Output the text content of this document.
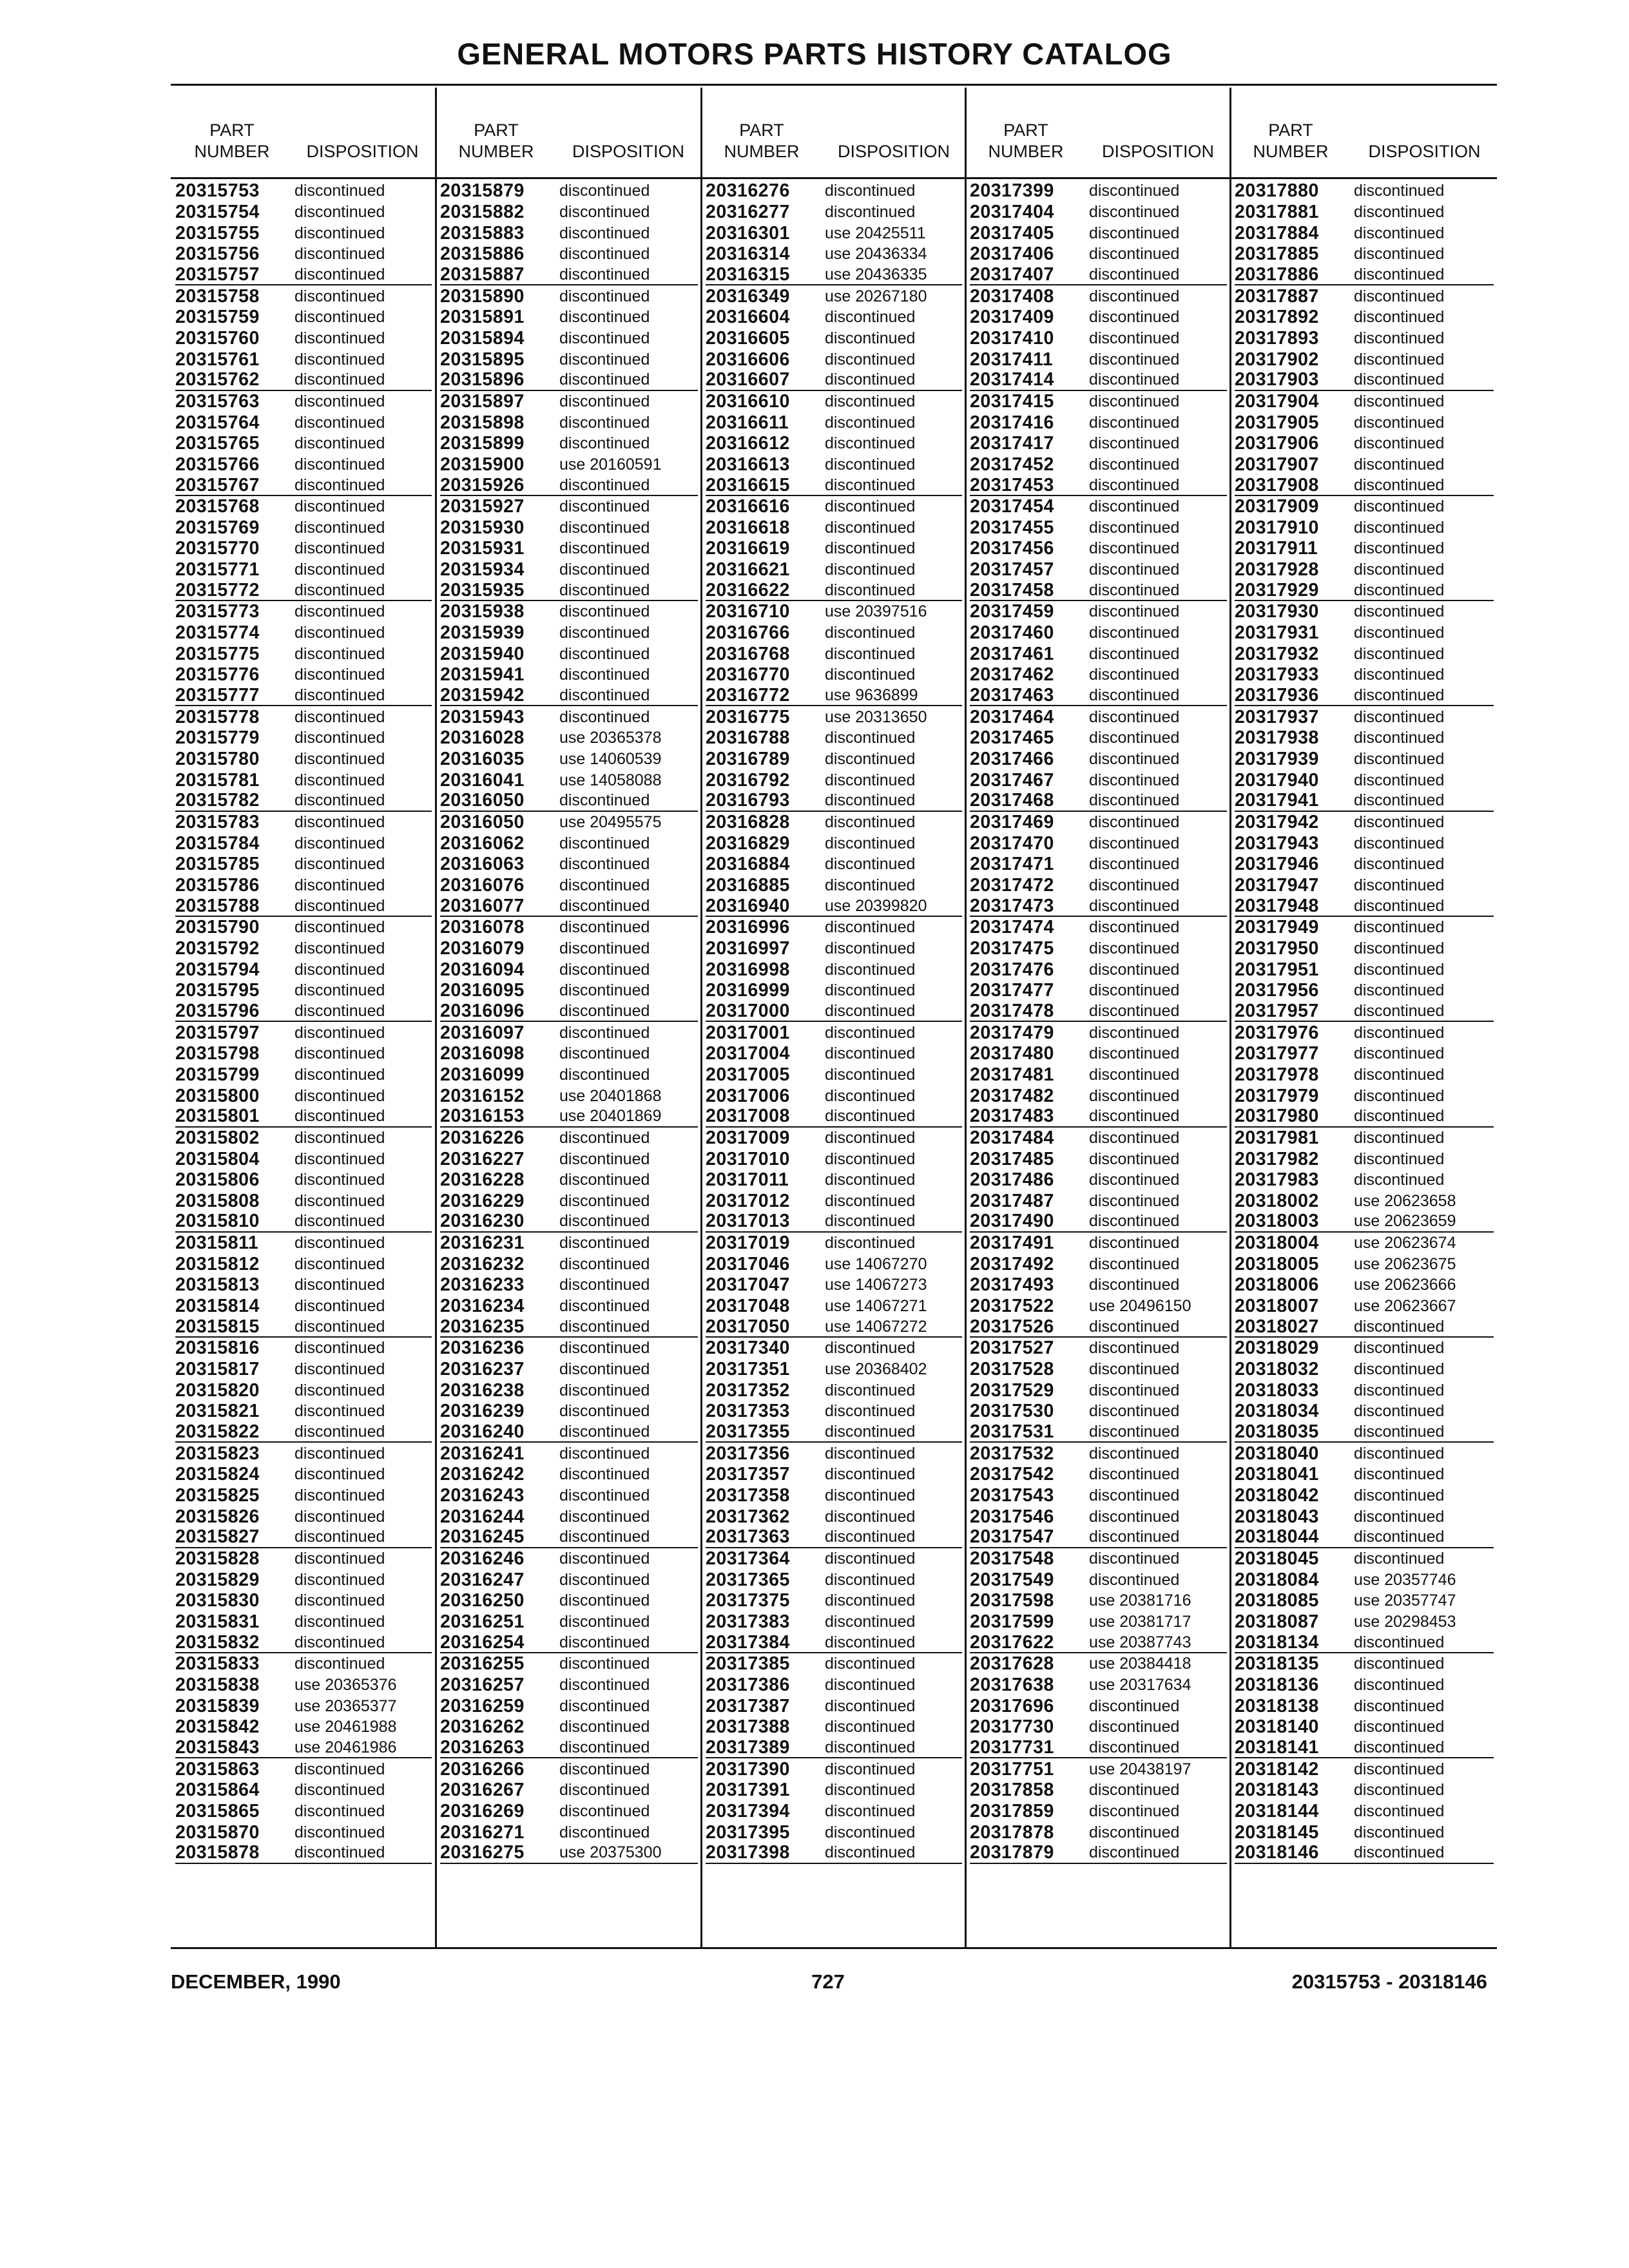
GENERAL MOTORS PARTS HISTORY CATALOG
PART
NUMBER	DISPOSITION
PART
NUMBER	DISPOSITION
PART
NUMBER	DISPOSITION
PART
NUMBER	DISPOSITION
PART
NUMBER	DISPOSITION
20315753	discontinued
20315754	discontinued
20315755	discontinued
20315756	discontinued
20315757	discontinued
20315758	discontinued
20315759	discontinued
20315760	discontinued
20315761	discontinued
20315762	discontinued
20315763	discontinued
20315764	discontinued
20315765	discontinued
20315766	discontinued
20315767	discontinued
20315768	discontinued
20315769	discontinued
20315770	discontinued
20315771	discontinued
20315772	discontinued
20315773	discontinued
20315774	discontinued
20315775	discontinued
20315776	discontinued
20315777	discontinued
20315778	discontinued
20315779	discontinued
20315780	discontinued
20315781	discontinued
20315782	discontinued
20315783	discontinued
20315784	discontinued
20315785	discontinued
20315786	discontinued
20315788	discontinued
20315790	discontinued
20315792	discontinued
20315794	discontinued
20315795	discontinued
20315796	discontinued
20315797	discontinued
20315798	discontinued
20315799	discontinued
20315800	discontinued
20315801	discontinued
20315802	discontinued
20315804	discontinued
20315806	discontinued
20315808	discontinued
20315810	discontinued
20315811	discontinued
20315812	discontinued
20315813	discontinued
20315814	discontinued
20315815	discontinued
20315816	discontinued
20315817	discontinued
20315820	discontinued
20315821	discontinued
20315822	discontinued
20315823	discontinued
20315824	discontinued
20315825	discontinued
20315826	discontinued
20315827	discontinued
20315828	discontinued
20315829	discontinued
20315830	discontinued
20315831	discontinued
20315832	discontinued
20315833	discontinued
20315838	use 20365376
20315839	use 20365377
20315842	use 20461988
20315843	use 20461986
20315863	discontinued
20315864	discontinued
20315865	discontinued
20315870	discontinued
20315878	discontinued
20315879	discontinued
20315882	discontinued
20315883	discontinued
20315886	discontinued
20315887	discontinued
20315890	discontinued
20315891	discontinued
20315894	discontinued
20315895	discontinued
20315896	discontinued
20315897	discontinued
20315898	discontinued
20315899	discontinued
20315900	use 20160591
20315926	discontinued
20315927	discontinued
20315930	discontinued
20315931	discontinued
20315934	discontinued
20315935	discontinued
20315938	discontinued
20315939	discontinued
20315940	discontinued
20315941	discontinued
20315942	discontinued
20315943	discontinued
20316028	use 20365378
20316035	use 14060539
20316041	use 14058088
20316050	discontinued
20316050	use 20495575
20316062	discontinued
20316063	discontinued
20316076	discontinued
20316077	discontinued
20316078	discontinued
20316079	discontinued
20316094	discontinued
20316095	discontinued
20316096	discontinued
20316097	discontinued
20316098	discontinued
20316099	discontinued
20316152	use 20401868
20316153	use 20401869
20316226	discontinued
20316227	discontinued
20316228	discontinued
20316229	discontinued
20316230	discontinued
20316231	discontinued
20316232	discontinued
20316233	discontinued
20316234	discontinued
20316235	discontinued
20316236	discontinued
20316237	discontinued
20316238	discontinued
20316239	discontinued
20316240	discontinued
20316241	discontinued
20316242	discontinued
20316243	discontinued
20316244	discontinued
20316245	discontinued
20316246	discontinued
20316247	discontinued
20316250	discontinued
20316251	discontinued
20316254	discontinued
20316255	discontinued
20316257	discontinued
20316259	discontinued
20316262	discontinued
20316263	discontinued
20316266	discontinued
20316267	discontinued
20316269	discontinued
20316271	discontinued
20316275	use 20375300
20316276	discontinued
20316277	discontinued
20316301	use 20425511
20316314	use 20436334
20316315	use 20436335
20316349	use 20267180
20316604	discontinued
20316605	discontinued
20316606	discontinued
20316607	discontinued
20316610	discontinued
20316611	discontinued
20316612	discontinued
20316613	discontinued
20316615	discontinued
20316616	discontinued
20316618	discontinued
20316619	discontinued
20316621	discontinued
20316622	discontinued
20316710	use 20397516
20316766	discontinued
20316768	discontinued
20316770	discontinued
20316772	use 9636899
20316775	use 20313650
20316788	discontinued
20316789	discontinued
20316792	discontinued
20316793	discontinued
20316828	discontinued
20316829	discontinued
20316884	discontinued
20316885	discontinued
20316940	use 20399820
20316996	discontinued
20316997	discontinued
20316998	discontinued
20316999	discontinued
20317000	discontinued
20317001	discontinued
20317004	discontinued
20317005	discontinued
20317006	discontinued
20317008	discontinued
20317009	discontinued
20317010	discontinued
20317011	discontinued
20317012	discontinued
20317013	discontinued
20317019	discontinued
20317046	use 14067270
20317047	use 14067273
20317048	use 14067271
20317050	use 14067272
20317340	discontinued
20317351	use 20368402
20317352	discontinued
20317353	discontinued
20317355	discontinued
20317356	discontinued
20317357	discontinued
20317358	discontinued
20317362	discontinued
20317363	discontinued
20317364	discontinued
20317365	discontinued
20317375	discontinued
20317383	discontinued
20317384	discontinued
20317385	discontinued
20317386	discontinued
20317387	discontinued
20317388	discontinued
20317389	discontinued
20317390	discontinued
20317391	discontinued
20317394	discontinued
20317395	discontinued
20317398	discontinued
20317399	discontinued
20317404	discontinued
20317405	discontinued
20317406	discontinued
20317407	discontinued
20317408	discontinued
20317409	discontinued
20317410	discontinued
20317411	discontinued
20317414	discontinued
20317415	discontinued
20317416	discontinued
20317417	discontinued
20317452	discontinued
20317453	discontinued
20317454	discontinued
20317455	discontinued
20317456	discontinued
20317457	discontinued
20317458	discontinued
20317459	discontinued
20317460	discontinued
20317461	discontinued
20317462	discontinued
20317463	discontinued
20317464	discontinued
20317465	discontinued
20317466	discontinued
20317467	discontinued
20317468	discontinued
20317469	discontinued
20317470	discontinued
20317471	discontinued
20317472	discontinued
20317473	discontinued
20317474	discontinued
20317475	discontinued
20317476	discontinued
20317477	discontinued
20317478	discontinued
20317479	discontinued
20317480	discontinued
20317481	discontinued
20317482	discontinued
20317483	discontinued
20317484	discontinued
20317485	discontinued
20317486	discontinued
20317487	discontinued
20317490	discontinued
20317491	discontinued
20317492	discontinued
20317493	discontinued
20317522	use 20496150
20317526	discontinued
20317527	discontinued
20317528	discontinued
20317529	discontinued
20317530	discontinued
20317531	discontinued
20317532	discontinued
20317542	discontinued
20317543	discontinued
20317546	discontinued
20317547	discontinued
20317548	discontinued
20317549	discontinued
20317598	use 20381716
20317599	use 20381717
20317622	use 20387743
20317628	use 20384418
20317638	use 20317634
20317696	discontinued
20317730	discontinued
20317731	discontinued
20317751	use 20438197
20317858	discontinued
20317859	discontinued
20317878	discontinued
20317879	discontinued
20317880	discontinued
20317881	discontinued
20317884	discontinued
20317885	discontinued
20317886	discontinued
20317887	discontinued
20317892	discontinued
20317893	discontinued
20317902	discontinued
20317903	discontinued
20317904	discontinued
20317905	discontinued
20317906	discontinued
20317907	discontinued
20317908	discontinued
20317909	discontinued
20317910	discontinued
20317911	discontinued
20317928	discontinued
20317929	discontinued
20317930	discontinued
20317931	discontinued
20317932	discontinued
20317933	discontinued
20317936	discontinued
20317937	discontinued
20317938	discontinued
20317939	discontinued
20317940	discontinued
20317941	discontinued
20317942	discontinued
20317943	discontinued
20317946	discontinued
20317947	discontinued
20317948	discontinued
20317949	discontinued
20317950	discontinued
20317951	discontinued
20317956	discontinued
20317957	discontinued
20317976	discontinued
20317977	discontinued
20317978	discontinued
20317979	discontinued
20317980	discontinued
20317981	discontinued
20317982	discontinued
20317983	discontinued
20318002	use 20623658
20318003	use 20623659
20318004	use 20623674
20318005	use 20623675
20318006	use 20623666
20318007	use 20623667
20318027	discontinued
20318029	discontinued
20318032	discontinued
20318033	discontinued
20318034	discontinued
20318035	discontinued
20318040	discontinued
20318041	discontinued
20318042	discontinued
20318043	discontinued
20318044	discontinued
20318045	discontinued
20318084	use 20357746
20318085	use 20357747
20318087	use 20298453
20318134	discontinued
20318135	discontinued
20318136	discontinued
20318138	discontinued
20318140	discontinued
20318141	discontinued
20318142	discontinued
20318143	discontinued
20318144	discontinued
20318145	discontinued
20318146	discontinued
DECEMBER, 1990	727	20315753 - 20318146
